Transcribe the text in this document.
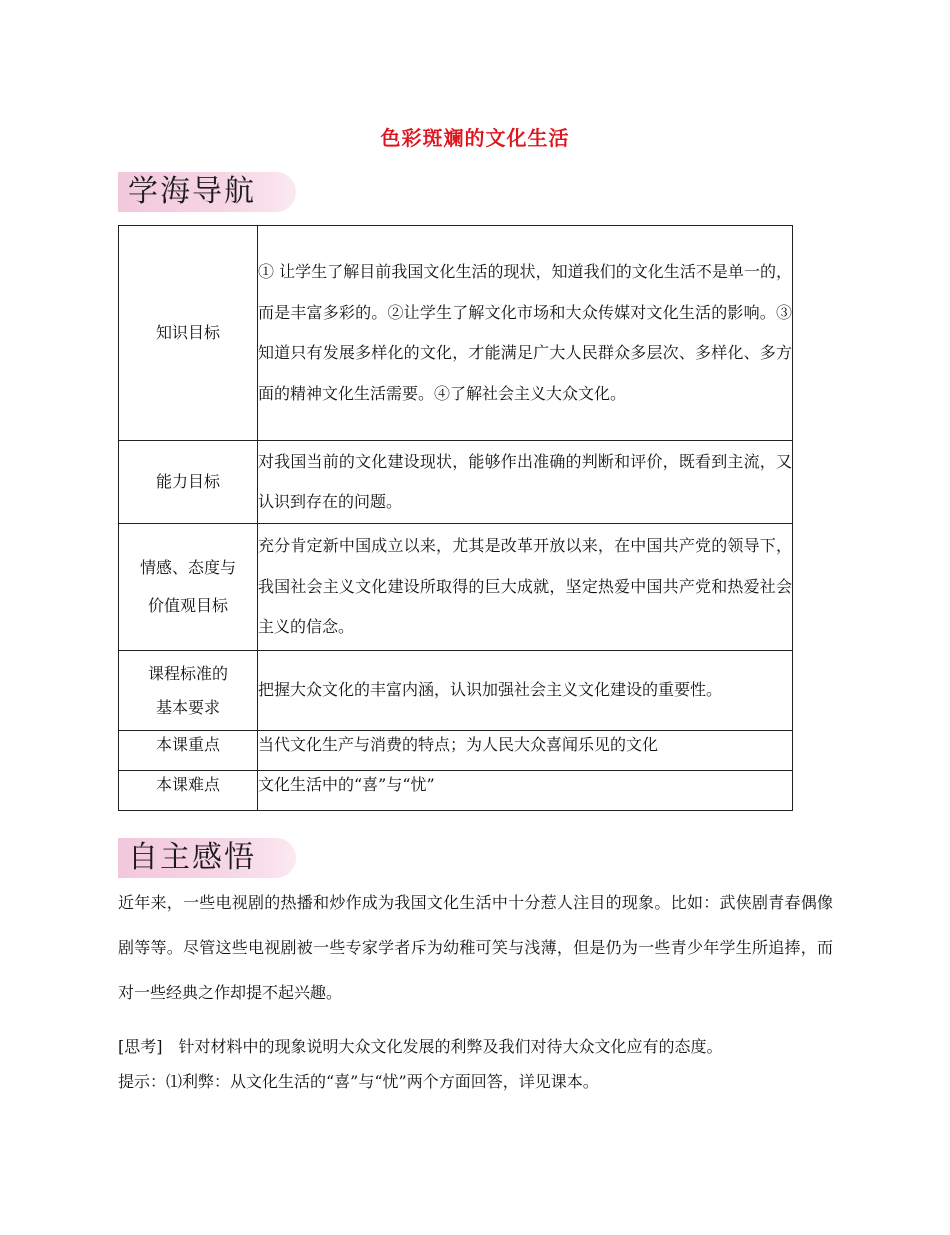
色彩斑斓的文化生活
学海导航
知识目标	① 让学生了解目前我国文化生活的现状，知道我们的文化生活不是单一的，而是丰富多彩的。②让学生了解文化市场和大众传媒对文化生活的影响。③知道只有发展多样化的文化，才能满足广大人民群众多层次、多样化、多方面的精神文化生活需要。④了解社会主义大众文化。
能力目标	对我国当前的文化建设现状，能够作出准确的判断和评价，既看到主流，又认识到存在的问题。
情感、态度与价值观目标	充分肯定新中国成立以来，尤其是改革开放以来，在中国共产党的领导下，我国社会主义文化建设所取得的巨大成就，坚定热爱中国共产党和热爱社会主义的信念。
课程标准的基本要求	把握大众文化的丰富内涵，认识加强社会主义文化建设的重要性。
本课重点	当代文化生产与消费的特点；为人民大众喜闻乐见的文化
本课难点	文化生活中的“喜”与“忧”
自主感悟
近年来，一些电视剧的热播和炒作成为我国文化生活中十分惹人注目的现象。比如：武侠剧青春偶像剧等等。尽管这些电视剧被一些专家学者斥为幼稚可笑与浅薄，但是仍为一些青少年学生所追捧，而对一些经典之作却提不起兴趣。
[思考]　针对材料中的现象说明大众文化发展的利弊及我们对待大众文化应有的态度。
提示：⑴利弊：从文化生活的“喜”与“忧”两个方面回答，详见课本。
